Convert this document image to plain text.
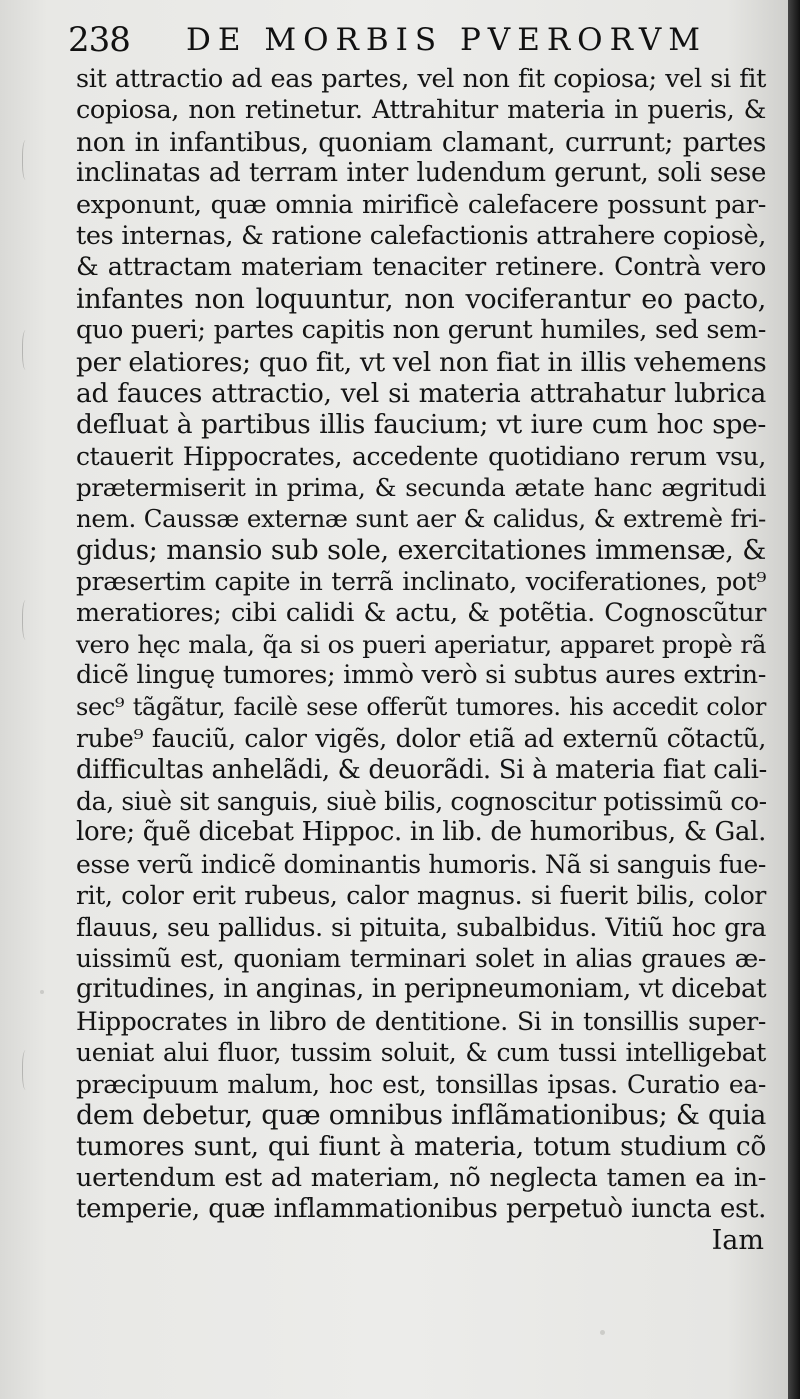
238 DE MORBIS PVERORVM
sit attractio ad eas partes, vel non fit copiosa; vel si fit
copiosa, non retinetur. Attrahitur materia in pueris, &
non in infantibus, quoniam clamant, currunt; partes
inclinatas ad terram inter ludendum gerunt, soli sese
exponunt, quæ omnia mirificè calefacere possunt par-
tes internas, & ratione calefactionis attrahere copiosè,
& attractam materiam tenaciter retinere. Contrà vero
infantes non loquuntur, non vociferantur eo pacto,
quo pueri; partes capitis non gerunt humiles, sed sem-
per elatiores; quo fit, vt vel non fiat in illis vehemens
ad fauces attractio, vel si materia attrahatur lubrica
defluat à partibus illis faucium; vt iure cum hoc spe-
ctauerit Hippocrates, accedente quotidiano rerum vsu,
prætermiserit in prima, & secunda ætate hanc ægritudi
nem. Caussæ externæ sunt aer & calidus, & extremè fri-
gidus; mansio sub sole, exercitationes immensæ, &
præsertim capite in terrã inclinato, vociferationes, pot⁹
meratiores; cibi calidi & actu, & potẽtia. Cognoscũtur
vero hęc mala, q̃a si os pueri aperiatur, apparet propè rã
dicẽ linguę tumores; immò verò si subtus aures extrin-
sec⁹ tãgãtur, facilè sese offerũt tumores. his accedit color
rube⁹ fauciũ, calor vigẽs, dolor etiã ad externũ cõtactũ,
difficultas anhelãdi, & deuorãdi. Si à materia fiat cali-
da, siuè sit sanguis, siuè bilis, cognoscitur potissimũ co-
lore; q̃uẽ dicebat Hippoc. in lib. de humoribus, & Gal.
esse verũ indicẽ dominantis humoris. Nã si sanguis fue-
rit, color erit rubeus, calor magnus. si fuerit bilis, color
flauus, seu pallidus. si pituita, subalbidus. Vitiũ hoc gra
uissimũ est, quoniam terminari solet in alias graues æ-
gritudines, in anginas, in peripneumoniam, vt dicebat
Hippocrates in libro de dentitione. Si in tonsillis super-
ueniat alui fluor, tussim soluit, & cum tussi intelligebat
præcipuum malum, hoc est, tonsillas ipsas. Curatio ea-
dem debetur, quæ omnibus inflãmationibus; & quia
tumores sunt, qui fiunt à materia, totum studium cõ
uertendum est ad materiam, nõ neglecta tamen ea in-
temperie, quæ inflammationibus perpetuò iuncta est.
Iam
